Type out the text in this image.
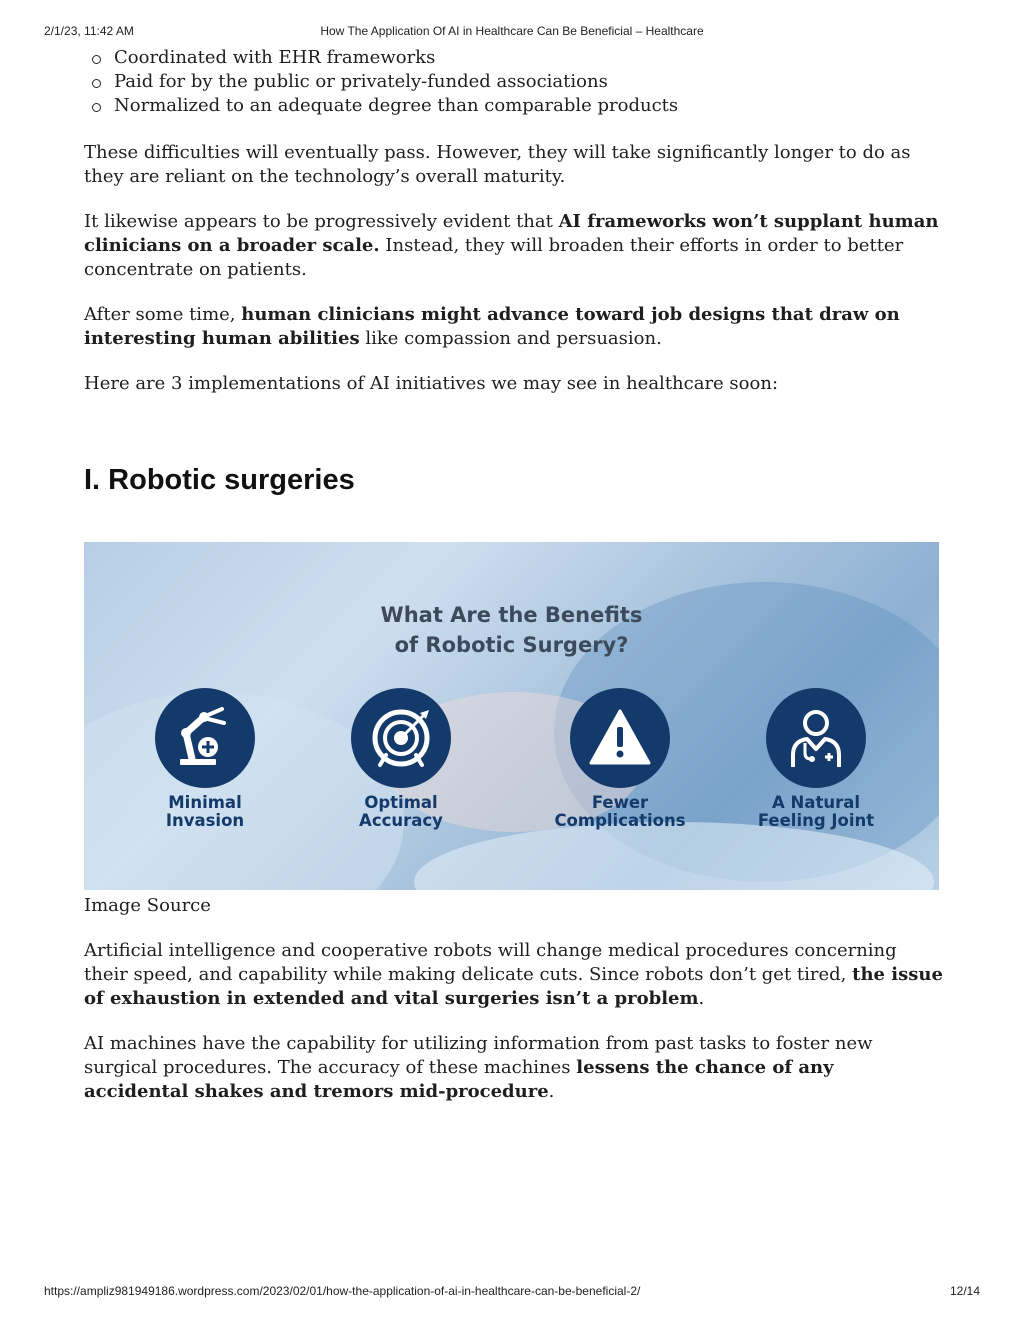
2/1/23, 11:42 AM	How The Application Of AI in Healthcare Can Be Beneficial – Healthcare
Coordinated with EHR frameworks
Paid for by the public or privately-funded associations
Normalized to an adequate degree than comparable products

These difficulties will eventually pass. However, they will take significantly longer to do as they are reliant on the technology’s overall maturity.

It likewise appears to be progressively evident that AI frameworks won’t supplant human clinicians on a broader scale. Instead, they will broaden their efforts in order to better concentrate on patients.

After some time, human clinicians might advance toward job designs that draw on interesting human abilities like compassion and persuasion.

Here are 3 implementations of AI initiatives we may see in healthcare soon:

I. Robotic surgeries
What Are the Benefits
of Robotic Surgery?
Minimal
Invasion
Optimal
Accuracy
Fewer
Complications
A Natural
Feeling Joint

Image Source

Artificial intelligence and cooperative robots will change medical procedures concerning their speed, and capability while making delicate cuts. Since robots don’t get tired, the issue of exhaustion in extended and vital surgeries isn’t a problem.

AI machines have the capability for utilizing information from past tasks to foster new surgical procedures. The accuracy of these machines lessens the chance of any accidental shakes and tremors mid-procedure.

https://ampliz981949186.wordpress.com/2023/02/01/how-the-application-of-ai-in-healthcare-can-be-beneficial-2/	12/14
